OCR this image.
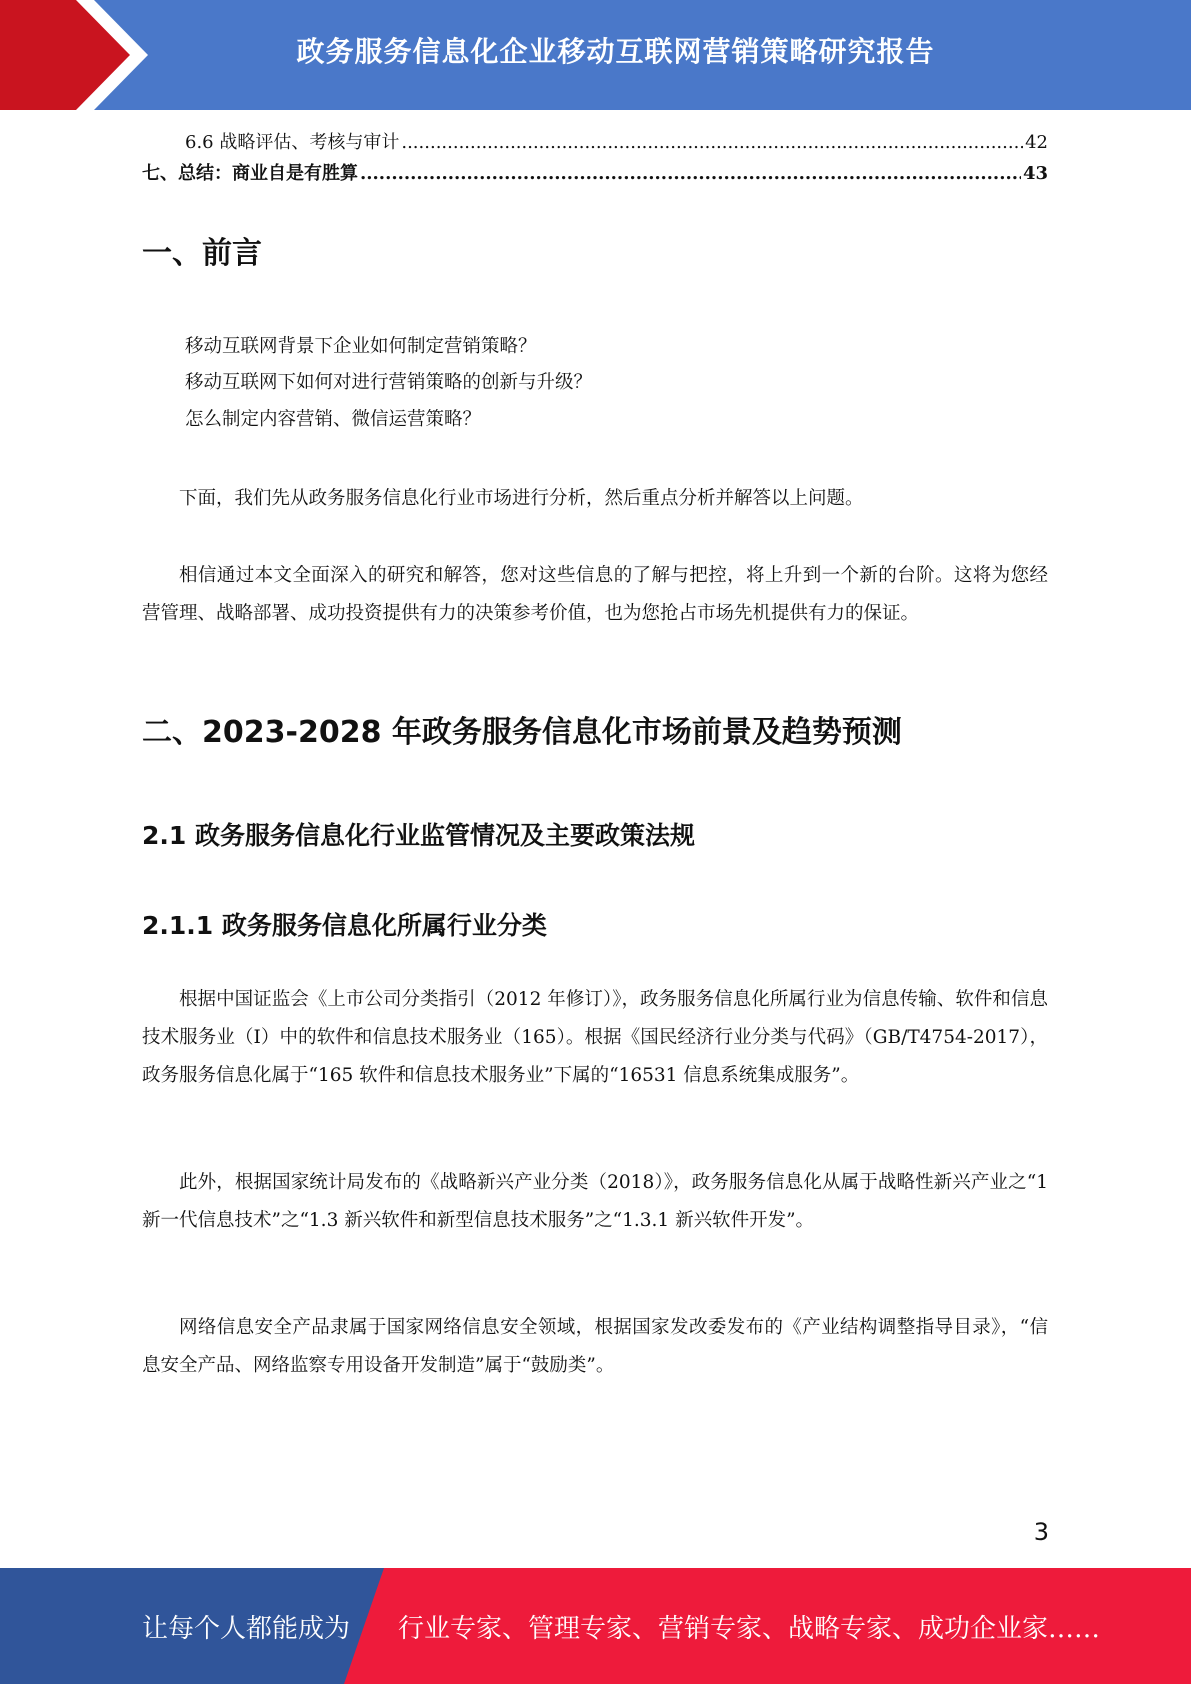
政务服务信息化企业移动互联网营销策略研究报告
6.6 战略评估、考核与审计 .....	42
七、总结：商业自是有胜算 .....	43
一、前言
移动互联网背景下企业如何制定营销策略？
移动互联网下如何对进行营销策略的创新与升级？
怎么制定内容营销、微信运营策略？

下面，我们先从政务服务信息化行业市场进行分析，然后重点分析并解答以上问题。

相信通过本文全面深入的研究和解答，您对这些信息的了解与把控，将上升到一个新的台阶。这将为您经营管理、战略部署、成功投资提供有力的决策参考价值，也为您抢占市场先机提供有力的保证。

二、2023-2028 年政务服务信息化市场前景及趋势预测
2.1 政务服务信息化行业监管情况及主要政策法规
2.1.1 政务服务信息化所属行业分类

根据中国证监会《上市公司分类指引（2012 年修订）》，政务服务信息化所属行业为信息传输、软件和信息技术服务业（I）中的软件和信息技术服务业（165）。根据《国民经济行业分类与代码》（GB/T4754-2017），政务服务信息化属于“165 软件和信息技术服务业”下属的“16531 信息系统集成服务”。

此外，根据国家统计局发布的《战略新兴产业分类（2018）》，政务服务信息化从属于战略性新兴产业之“1 新一代信息技术”之“1.3 新兴软件和新型信息技术服务”之“1.3.1 新兴软件开发”。

网络信息安全产品隶属于国家网络信息安全领域，根据国家发改委发布的《产业结构调整指导目录》，“信息安全产品、网络监察专用设备开发制造”属于“鼓励类”。

3
让每个人都能成为 行业专家、管理专家、营销专家、战略专家、成功企业家……
